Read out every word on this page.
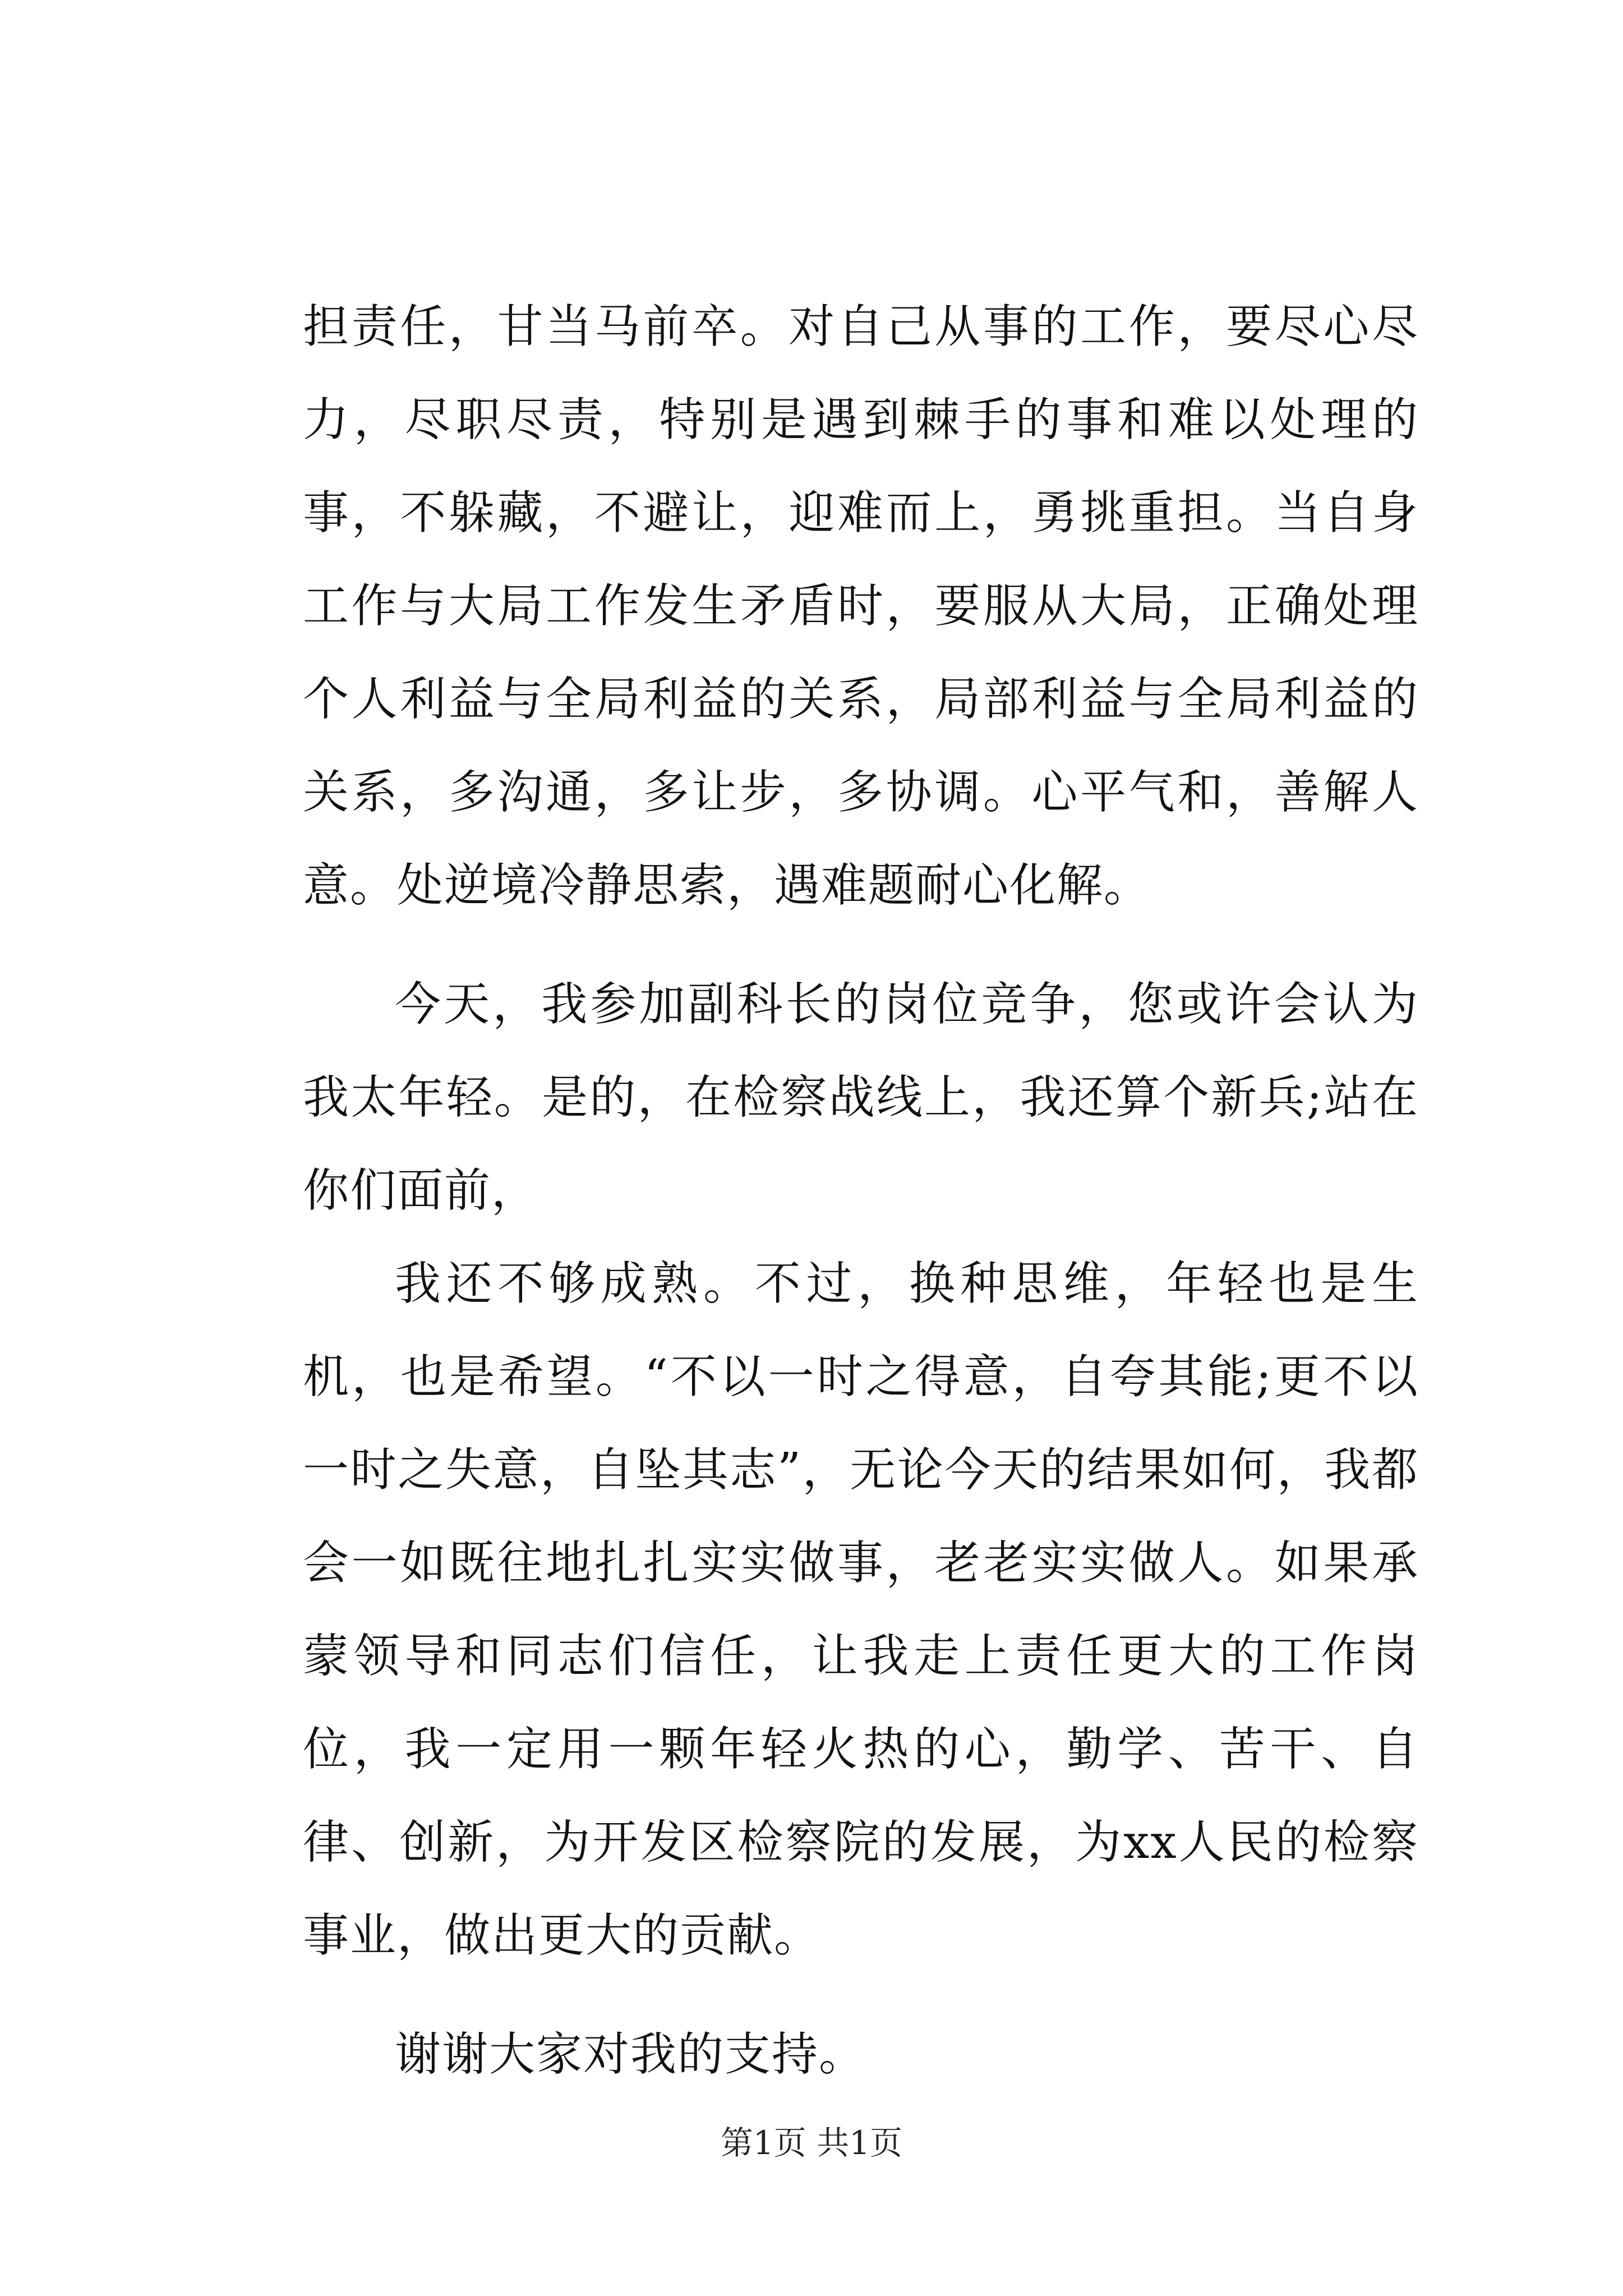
担责任，甘当马前卒。对自己从事的工作，要尽心尽力，尽职尽责，特别是遇到棘手的事和难以处理的事，不躲藏，不避让，迎难而上，勇挑重担。当自身工作与大局工作发生矛盾时，要服从大局，正确处理个人利益与全局利益的关系，局部利益与全局利益的关系，多沟通，多让步，多协调。心平气和，善解人意。处逆境冷静思索，遇难题耐心化解。

今天，我参加副科长的岗位竞争，您或许会认为我太年轻。是的，在检察战线上，我还算个新兵;站在你们面前，

我还不够成熟。不过，换种思维，年轻也是生机，也是希望。“不以一时之得意，自夸其能;更不以一时之失意，自坠其志”，无论今天的结果如何，我都会一如既往地扎扎实实做事，老老实实做人。如果承蒙领导和同志们信任，让我走上责任更大的工作岗位，我一定用一颗年轻火热的心，勤学、苦干、自律、创新，为开发区检察院的发展，为xx人民的检察事业，做出更大的贡献。

谢谢大家对我的支持。

第1页 共1页
